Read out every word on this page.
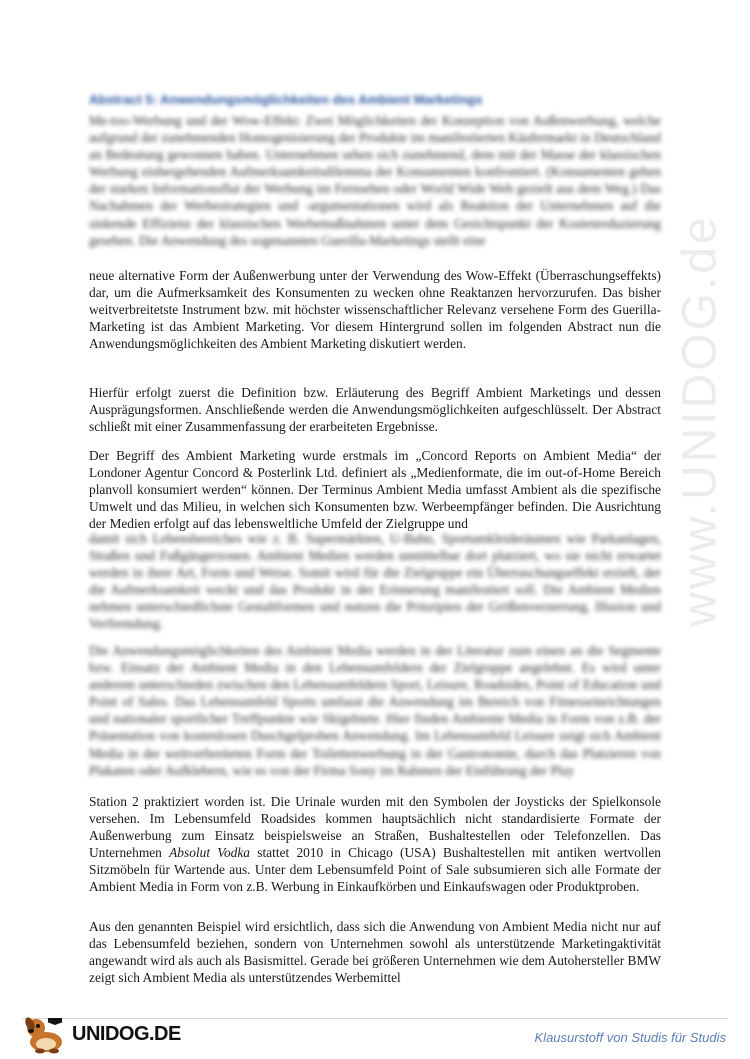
www.UNIDOG.de
Abstract 5: Anwendungsmöglichkeiten des Ambient Marketings

Me-too-Werbung und der Wow-Effekt: Zwei Möglichkeiten der Konzeption von Außenwerbung, welche aufgrund der zunehmenden Homogenisierung der Produkte im manifestierten Käufermarkt in Deutschland an Bedeutung gewonnen haben. Unternehmen sehen sich zunehmend, dem mit der Masse der klassischen Werbung einhergehenden Aufmerksamkeitsdilemma der Konsumenten konfrontiert. (Konsumenten gehen der starken Informationsflut der Werbung im Fernsehen oder World Wide Web gezielt aus dem Weg.) Das Nachahmen der Werbestrategien und -argumentationen wird als Reaktion der Unternehmen auf die sinkende Effizienz der klassischen Werbemaßnahmen unter dem Gesichtspunkt der Kostenreduzierung gesehen. Die Anwendung des sogenannten Guerilla-Marketings stellt eine

neue alternative Form der Außenwerbung unter der Verwendung des Wow-Effekt (Überraschungseffekts) dar, um die Aufmerksamkeit des Konsumenten zu wecken ohne Reaktanzen hervorzurufen. Das bisher weitverbreitetste Instrument bzw. mit höchster wissenschaftlicher Relevanz versehene Form des Guerilla-Marketing ist das Ambient Marketing. Vor diesem Hintergrund sollen im folgenden Abstract nun die Anwendungsmöglichkeiten des Ambient Marketing diskutiert werden.

Hierfür erfolgt zuerst die Definition bzw. Erläuterung des Begriff Ambient Marketings und dessen Ausprägungsformen. Anschließende werden die Anwendungsmöglichkeiten aufgeschlüsselt. Der Abstract schließt mit einer Zusammenfassung der erarbeiteten Ergebnisse.

Der Begriff des Ambient Marketing wurde erstmals im „Concord Reports on Ambient Media“ der Londoner Agentur Concord & Posterlink Ltd. definiert als „Medienformate, die im out-of-Home Bereich planvoll konsumiert werden“ können. Der Terminus Ambient Media umfasst Ambient als die spezifische Umwelt und das Milieu, in welchen sich Konsumenten bzw. Werbeempfänger befinden. Die Ausrichtung der Medien erfolgt auf das lebensweltliche Umfeld der Zielgruppe und

damit sich Lebensbereiches wie z. B. Supermärkten, U-Bahn, Sportumkleideräumen wie Parkanlagen, Straßen und Fußgängerzonen. Ambient Medien werden unmittelbar dort platziert, wo sie nicht erwartet werden in ihrer Art, Form und Weise. Somit wird für die Zielgruppe ein Überraschungseffekt erzielt, der die Aufmerksamkeit weckt und das Produkt in der Erinnerung manifestiert soll. Die Ambient Medien nehmen unterschiedlichste Gestaltformen und nutzen die Prinzipien der Größenverzerrung, Illusion und Verfremdung.

Die Anwendungsmöglichkeiten des Ambient Media werden in der Literatur zum einen an die Segmente bzw. Einsatz der Ambient Media in den Lebensumfeldern der Zielgruppe angelehnt. Es wird unter anderem unterschieden zwischen den Lebensumfeldern Sport, Leisure, Roadsides, Point of Education und Point of Sales. Das Lebensumfeld Sports umfasst die Anwendung im Bereich von Fitnesseinrichtungen und nationaler sportlicher Treffpunkte wie Skigebiete. Hier finden Ambiente Media in Form von z.B. der Präsentation von kostenlosen Duschgelproben Anwendung. Im Lebensumfeld Leisure zeigt sich Ambient Media in der weitverbreiteten Form der Toilettenwerbung in der Gastronomie, durch das Platzieren von Plakaten oder Aufklebern, wie es von der Firma Sony im Rahmen der Einführung der Play

Station 2 praktiziert worden ist. Die Urinale wurden mit den Symbolen der Joysticks der Spielkonsole versehen. Im Lebensumfeld Roadsides kommen hauptsächlich nicht standardisierte Formate der Außenwerbung zum Einsatz beispielsweise an Straßen, Bushaltestellen oder Telefonzellen. Das Unternehmen Absolut Vodka stattet 2010 in Chicago (USA) Bushaltestellen mit antiken wertvollen Sitzmöbeln für Wartende aus. Unter dem Lebensumfeld Point of Sale subsumieren sich alle Formate der Ambient Media in Form von z.B. Werbung in Einkaufkörben und Einkaufswagen oder Produktproben.

Aus den genannten Beispiel wird ersichtlich, dass sich die Anwendung von Ambient Media nicht nur auf das Lebensumfeld beziehen, sondern von Unternehmen sowohl als unterstützende Marketingaktivität angewandt wird als auch als Basismittel. Gerade bei größeren Unternehmen wie dem Autohersteller BMW zeigt sich Ambient Media als unterstützendes Werbemittel

UNIDOG.DE	Klausurstoff von Studis für Studis
